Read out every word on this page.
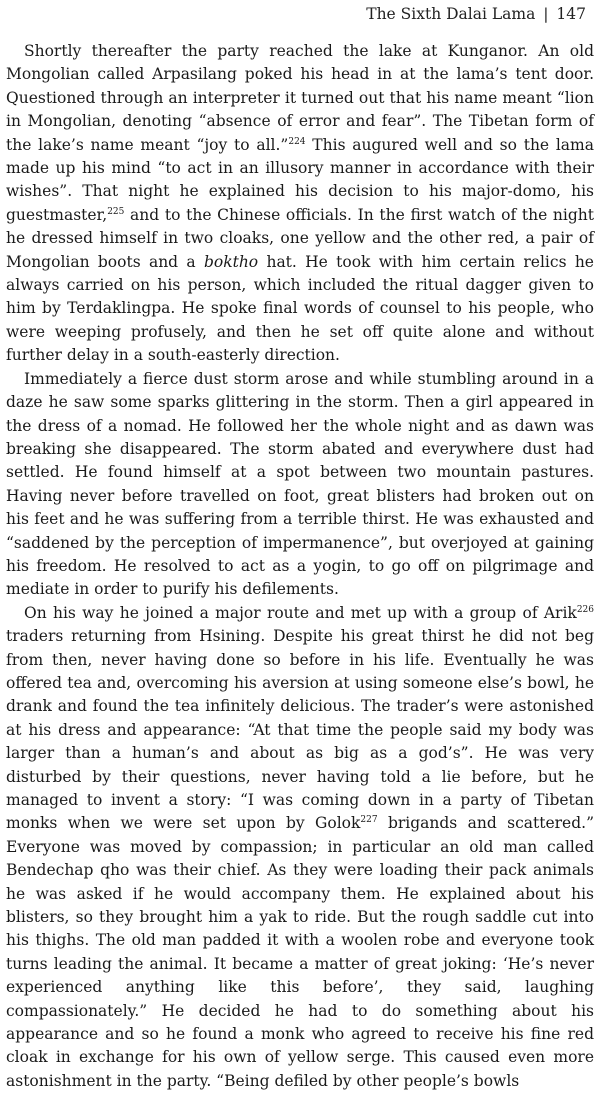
The Sixth Dalai Lama | 147

Shortly thereafter the party reached the lake at Kunganor. An old Mongolian called Arpasilang poked his head in at the lama’s tent door. Questioned through an interpreter it turned out that his name meant “lion in Mongolian, denoting “absence of error and fear”. The Tibetan form of the lake’s name meant “joy to all.”$^{224}$ This augured well and so the lama made up his mind “to act in an illusory manner in accordance with their wishes”. That night he explained his decision to his major-domo, his guestmaster,$^{225}$ and to the Chinese officials. In the first watch of the night he dressed himself in two cloaks, one yellow and the other red, a pair of Mongolian boots and a boktho hat. He took with him certain relics he always carried on his person, which included the ritual dagger given to him by Terdaklingpa. He spoke final words of counsel to his people, who were weeping profusely, and then he set off quite alone and without further delay in a south-easterly direction.

Immediately a fierce dust storm arose and while stumbling around in a daze he saw some sparks glittering in the storm. Then a girl appeared in the dress of a nomad. He followed her the whole night and as dawn was breaking she disappeared. The storm abated and everywhere dust had settled. He found himself at a spot between two mountain pastures. Having never before travelled on foot, great blisters had broken out on his feet and he was suffering from a terrible thirst. He was exhausted and “saddened by the perception of impermanence”, but overjoyed at gaining his freedom. He resolved to act as a yogin, to go off on pilgrimage and mediate in order to purify his defilements.

On his way he joined a major route and met up with a group of Arik$^{226}$ traders returning from Hsining. Despite his great thirst he did not beg from then, never having done so before in his life. Eventually he was offered tea and, overcoming his aversion at using someone else’s bowl, he drank and found the tea infinitely delicious. The trader’s were astonished at his dress and appearance: “At that time the people said my body was larger than a human’s and about as big as a god’s”. He was very disturbed by their questions, never having told a lie before, but he managed to invent a story: “I was coming down in a party of Tibetan monks when we were set upon by Golok$^{227}$ brigands and scattered.” Everyone was moved by compassion; in particular an old man called Bendechap qho was their chief. As they were loading their pack animals he was asked if he would accompany them. He explained about his blisters, so they brought him a yak to ride. But the rough saddle cut into his thighs. The old man padded it with a woolen robe and everyone took turns leading the animal. It became a matter of great joking: ‘He’s never experienced anything like this before’, they said, laughing compassionately.” He decided he had to do something about his appearance and so he found a monk who agreed to receive his fine red cloak in exchange for his own of yellow serge. This caused even more astonishment in the party. “Being defiled by other people’s bowls
